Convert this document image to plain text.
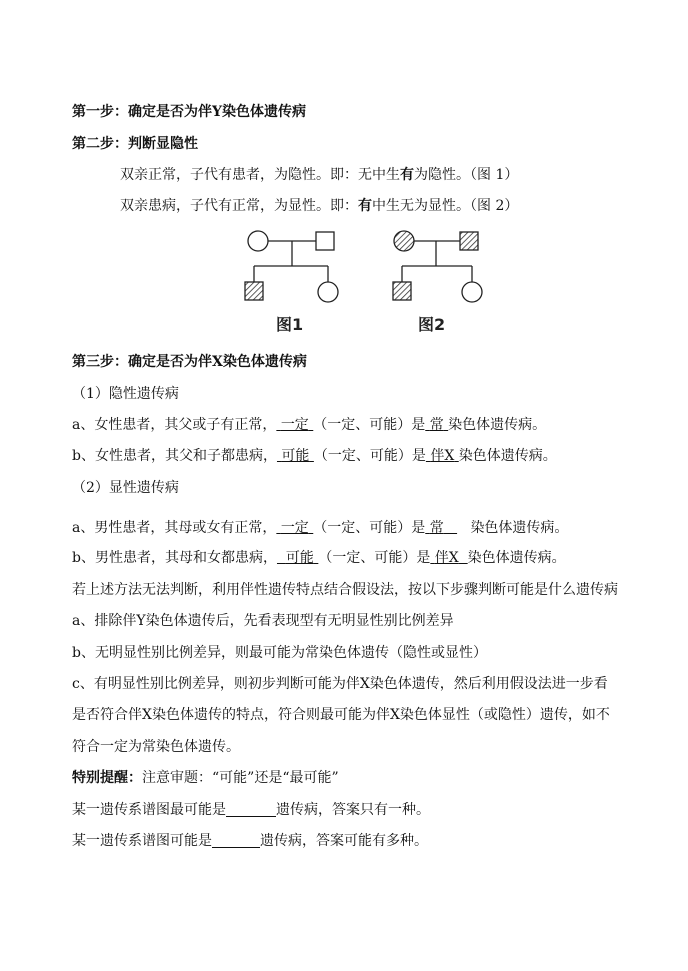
第一步：确定是否为伴Y染色体遗传病
第二步：判断显隐性
双亲正常，子代有患者，为隐性。即：无中生有为隐性。（图 1）
双亲患病，子代有正常，为显性。即：有中生无为显性。（图 2）
图1	图2
第三步：确定是否为伴X染色体遗传病
（1）隐性遗传病
a、女性患者，其父或子有正常， 一定 （一定、可能）是 常 染色体遗传病。
b、女性患者，其父和子都患病， 可能 （一定、可能）是 伴X 染色体遗传病。
（2）显性遗传病
a、男性患者，其母或女有正常， 一定 （一定、可能）是 常 染色体遗传病。
b、男性患者，其母和女都患病， 可能 （一定、可能）是 伴X 染色体遗传病。
若上述方法无法判断，利用伴性遗传特点结合假设法，按以下步骤判断可能是什么遗传病
a、排除伴Y染色体遗传后，先看表现型有无明显性别比例差异
b、无明显性别比例差异，则最可能为常染色体遗传（隐性或显性）
c、有明显性别比例差异，则初步判断可能为伴X染色体遗传，然后利用假设法进一步看
是否符合伴X染色体遗传的特点，符合则最可能为伴X染色体显性（或隐性）遗传，如不
符合一定为常染色体遗传。
特别提醒：注意审题：“可能”还是“最可能”
某一遗传系谱图最可能是	遗传病，答案只有一种。
某一遗传系谱图可能是	遗传病，答案可能有多种。
